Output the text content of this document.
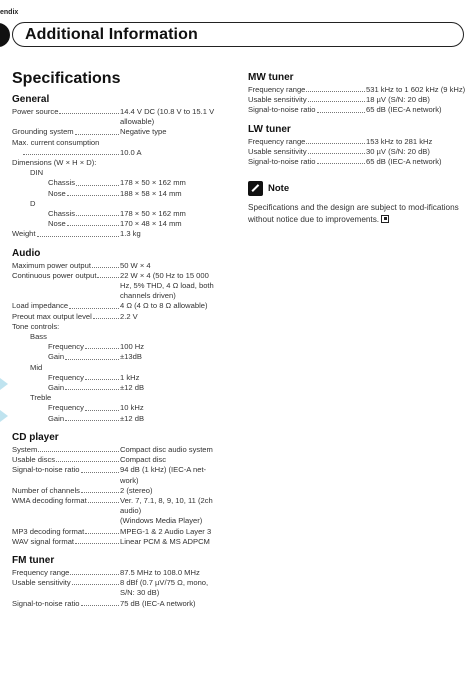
endix
Additional Information
Specifications
General
Power source	14.4 V DC (10.8 V to 15.1 V
allowable)
Grounding system	Negative type
Max. current consumption
10.0 A
Dimensions (W × H × D):
DIN
Chassis	178 × 50 × 162 mm
Nose	188 × 58 × 14 mm
D
Chassis	178 × 50 × 162 mm
Nose	170 × 48 × 14 mm
Weight	1.3 kg
Audio
Maximum power output	50 W × 4
Continuous power output	22 W × 4 (50 Hz to 15 000
Hz, 5% THD, 4 Ω load, both
channels driven)
Load impedance	4 Ω (4 Ω to 8 Ω allowable)
Preout max output level	2.2 V
Tone controls:
Bass
Frequency	100 Hz
Gain	±13dB
Mid
Frequency	1 kHz
Gain	±12 dB
Treble
Frequency	10 kHz
Gain	±12 dB
CD player
System	Compact disc audio system
Usable discs	Compact disc
Signal-to-noise ratio	94 dB (1 kHz) (IEC-A net-
work)
Number of channels	2 (stereo)
WMA decoding format	Ver. 7, 7.1, 8, 9, 10, 11 (2ch
audio)
(Windows Media Player)
MP3 decoding format	MPEG-1 & 2 Audio Layer 3
WAV signal format	Linear PCM & MS ADPCM
FM tuner
Frequency range	87.5 MHz to 108.0 MHz
Usable sensitivity	8 dBf (0.7 µV/75 Ω, mono,
S/N: 30 dB)
Signal-to-noise ratio	75 dB (IEC-A network)
MW tuner
Frequency range	531 kHz to 1 602 kHz (9 kHz)
Usable sensitivity	18 µV (S/N: 20 dB)
Signal-to-noise ratio	65 dB (IEC-A network)
LW tuner
Frequency range	153 kHz to 281 kHz
Usable sensitivity	30 µV (S/N: 20 dB)
Signal-to-noise ratio	65 dB (IEC-A network)
Note
Specifications and the design are subject to mod-ifications without notice due to improvements.
